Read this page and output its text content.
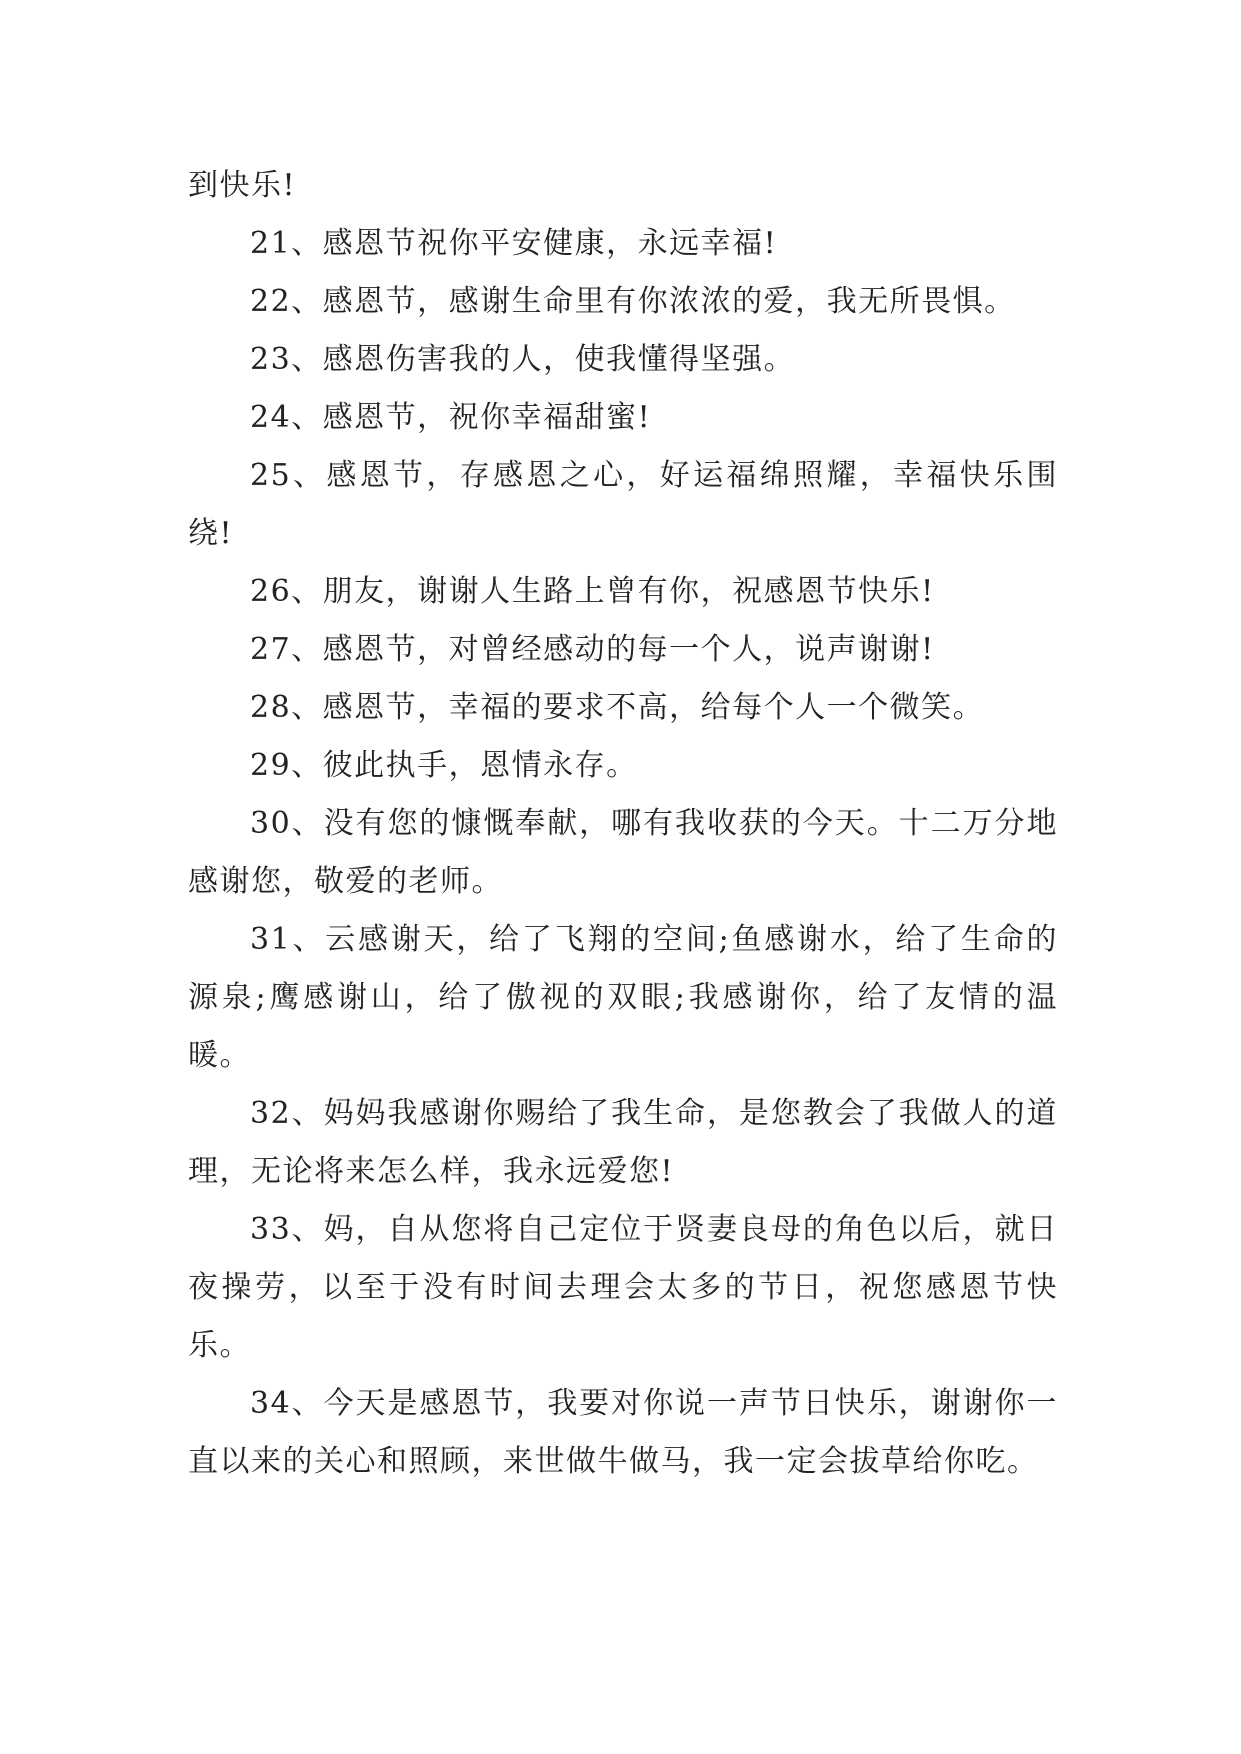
到快乐!

21、感恩节祝你平安健康，永远幸福!

22、感恩节，感谢生命里有你浓浓的爱，我无所畏惧。

23、感恩伤害我的人，使我懂得坚强。

24、感恩节，祝你幸福甜蜜!

25、感恩节，存感恩之心，好运福绵照耀，幸福快乐围绕!

26、朋友，谢谢人生路上曾有你，祝感恩节快乐!

27、感恩节，对曾经感动的每一个人，说声谢谢!

28、感恩节，幸福的要求不高，给每个人一个微笑。

29、彼此执手，恩情永存。

30、没有您的慷慨奉献，哪有我收获的今天。十二万分地感谢您，敬爱的老师。

31、云感谢天，给了飞翔的空间;鱼感谢水，给了生命的源泉;鹰感谢山，给了傲视的双眼;我感谢你，给了友情的温暖。

32、妈妈我感谢你赐给了我生命，是您教会了我做人的道理，无论将来怎么样，我永远爱您!

33、妈，自从您将自己定位于贤妻良母的角色以后，就日夜操劳，以至于没有时间去理会太多的节日，祝您感恩节快乐。

34、今天是感恩节，我要对你说一声节日快乐，谢谢你一直以来的关心和照顾，来世做牛做马，我一定会拔草给你吃。
